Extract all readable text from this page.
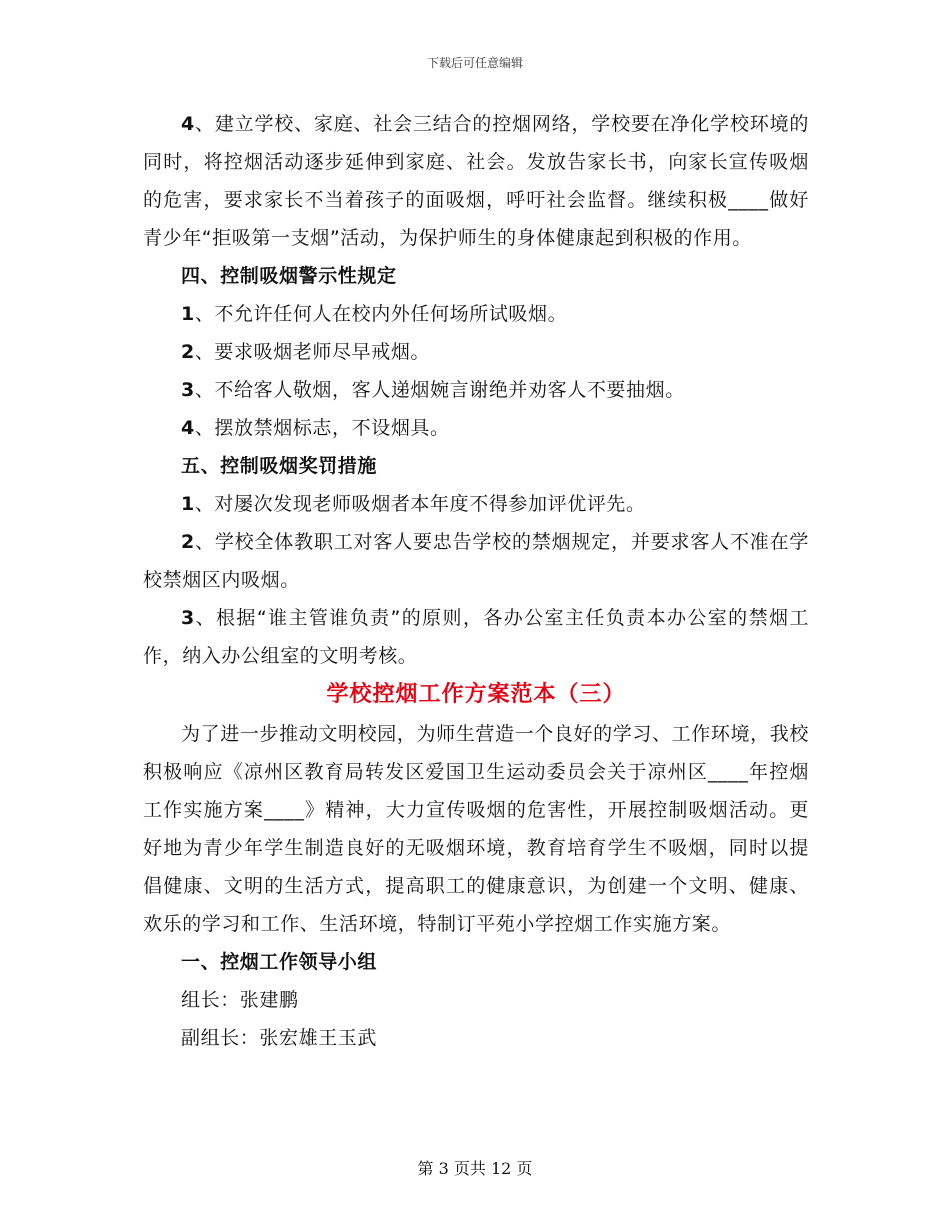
下载后可任意编辑

4、建立学校、家庭、社会三结合的控烟网络，学校要在净化学校环境的同时，将控烟活动逐步延伸到家庭、社会。发放告家长书，向家长宣传吸烟的危害，要求家长不当着孩子的面吸烟，呼吁社会监督。继续积极____做好青少年“拒吸第一支烟”活动，为保护师生的身体健康起到积极的作用。

四、控制吸烟警示性规定

1、不允许任何人在校内外任何场所试吸烟。

2、要求吸烟老师尽早戒烟。

3、不给客人敬烟，客人递烟婉言谢绝并劝客人不要抽烟。

4、摆放禁烟标志，不设烟具。

五、控制吸烟奖罚措施

1、对屡次发现老师吸烟者本年度不得参加评优评先。

2、学校全体教职工对客人要忠告学校的禁烟规定，并要求客人不准在学校禁烟区内吸烟。

3、根据“谁主管谁负责”的原则，各办公室主任负责本办公室的禁烟工作，纳入办公组室的文明考核。

学校控烟工作方案范本（三）

为了进一步推动文明校园，为师生营造一个良好的学习、工作环境，我校积极响应《凉州区教育局转发区爱国卫生运动委员会关于凉州区____年控烟工作实施方案____》精神，大力宣传吸烟的危害性，开展控制吸烟活动。更好地为青少年学生制造良好的无吸烟环境，教育培育学生不吸烟，同时以提倡健康、文明的生活方式，提高职工的健康意识，为创建一个文明、健康、欢乐的学习和工作、生活环境，特制订平苑小学控烟工作实施方案。

一、控烟工作领导小组

组长：张建鹏

副组长：张宏雄王玉武

第 3 页共 12 页
